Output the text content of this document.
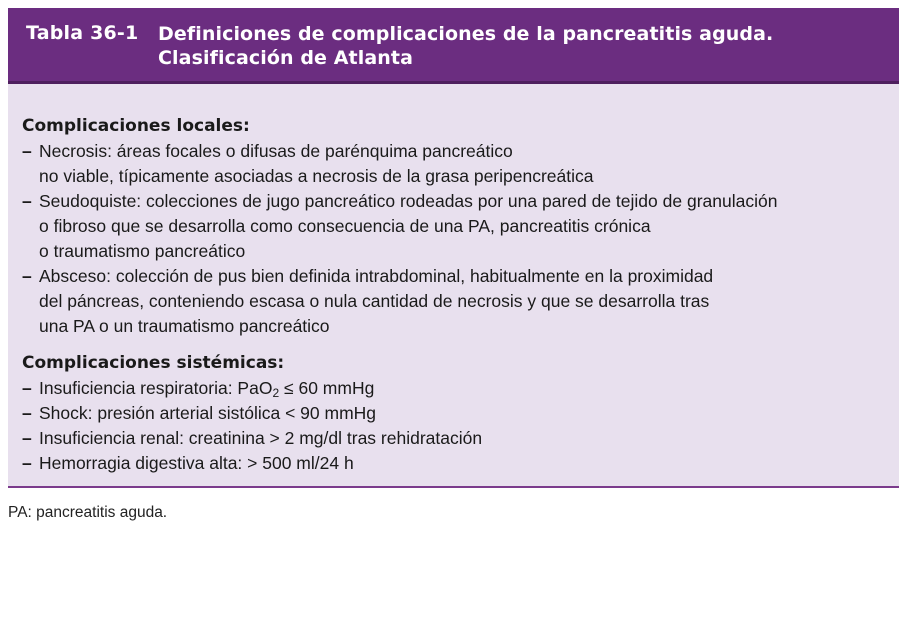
Tabla 36-1 Definiciones de complicaciones de la pancreatitis aguda.
Clasificación de Atlanta
Complicaciones locales:
– Necrosis: áreas focales o difusas de parénquima pancreático
no viable, típicamente asociadas a necrosis de la grasa peripencreática
– Seudoquiste: colecciones de jugo pancreático rodeadas por una pared de tejido de granulación
o fibroso que se desarrolla como consecuencia de una PA, pancreatitis crónica
o traumatismo pancreático
– Absceso: colección de pus bien definida intrabdominal, habitualmente en la proximidad
del páncreas, conteniendo escasa o nula cantidad de necrosis y que se desarrolla tras
una PA o un traumatismo pancreático
Complicaciones sistémicas:
– Insuficiencia respiratoria: PaO$_2$ ≤ 60 mmHg
– Shock: presión arterial sistólica < 90 mmHg
– Insuficiencia renal: creatinina > 2 mg/dl tras rehidratación
– Hemorragia digestiva alta: > 500 ml/24 h
PA: pancreatitis aguda.
